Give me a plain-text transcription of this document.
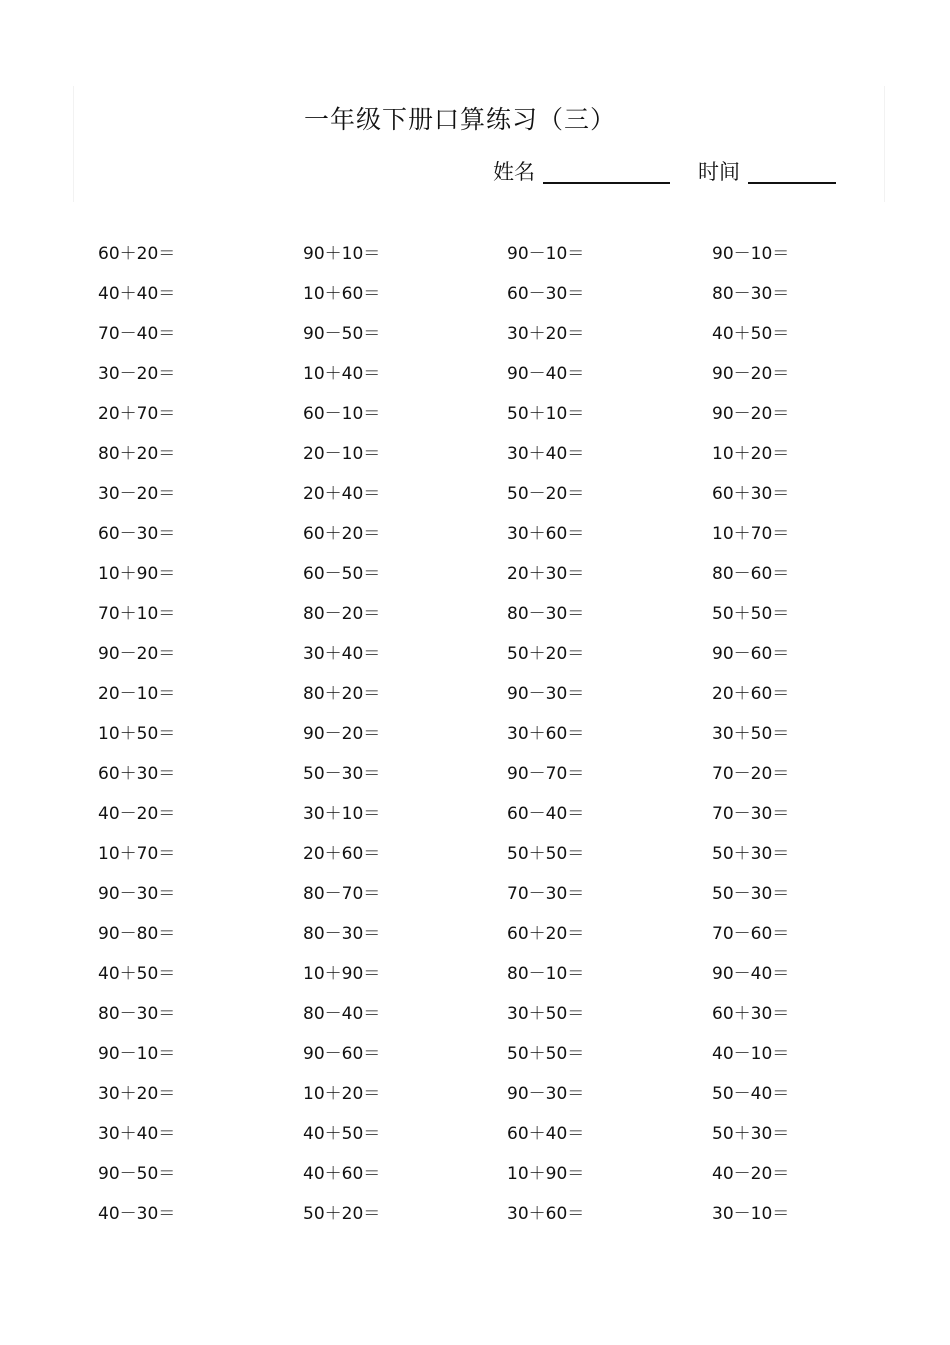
一年级下册口算练习（三）
姓名	时间
60＋20＝	90＋10＝	90－10＝	90－10＝
40＋40＝	10＋60＝	60－30＝	80－30＝
70－40＝	90－50＝	30＋20＝	40＋50＝
30－20＝	10＋40＝	90－40＝	90－20＝
20＋70＝	60－10＝	50＋10＝	90－20＝
80＋20＝	20－10＝	30＋40＝	10＋20＝
30－20＝	20＋40＝	50－20＝	60＋30＝
60－30＝	60＋20＝	30＋60＝	10＋70＝
10＋90＝	60－50＝	20＋30＝	80－60＝
70＋10＝	80－20＝	80－30＝	50＋50＝
90－20＝	30＋40＝	50＋20＝	90－60＝
20－10＝	80＋20＝	90－30＝	20＋60＝
10＋50＝	90－20＝	30＋60＝	30＋50＝
60＋30＝	50－30＝	90－70＝	70－20＝
40－20＝	30＋10＝	60－40＝	70－30＝
10＋70＝	20＋60＝	50＋50＝	50＋30＝
90－30＝	80－70＝	70－30＝	50－30＝
90－80＝	80－30＝	60＋20＝	70－60＝
40＋50＝	10＋90＝	80－10＝	90－40＝
80－30＝	80－40＝	30＋50＝	60＋30＝
90－10＝	90－60＝	50＋50＝	40－10＝
30＋20＝	10＋20＝	90－30＝	50－40＝
30＋40＝	40＋50＝	60＋40＝	50＋30＝
90－50＝	40＋60＝	10＋90＝	40－20＝
40－30＝	50＋20＝	30＋60＝	30－10＝
